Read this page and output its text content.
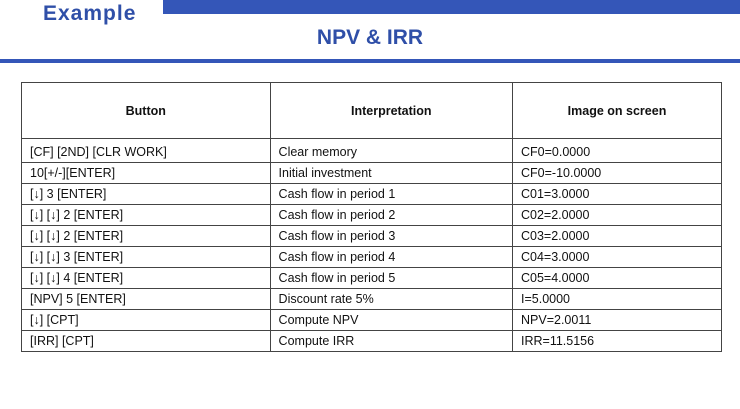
Example
NPV & IRR
Button	Interpretation	Image on screen
[CF] [2ND] [CLR WORK]	Clear memory	CF0=0.0000
10[+/-][ENTER]	Initial investment	CF0=-10.0000
[↓] 3 [ENTER]	Cash flow in period 1	C01=3.0000
[↓] [↓] 2 [ENTER]	Cash flow in period 2	C02=2.0000
[↓] [↓] 2 [ENTER]	Cash flow in period 3	C03=2.0000
[↓] [↓] 3 [ENTER]	Cash flow in period 4	C04=3.0000
[↓] [↓] 4 [ENTER]	Cash flow in period 5	C05=4.0000
[NPV] 5 [ENTER]	Discount rate 5%	I=5.0000
[↓] [CPT]	Compute NPV	NPV=2.0011
[IRR] [CPT]	Compute IRR	IRR=11.5156
